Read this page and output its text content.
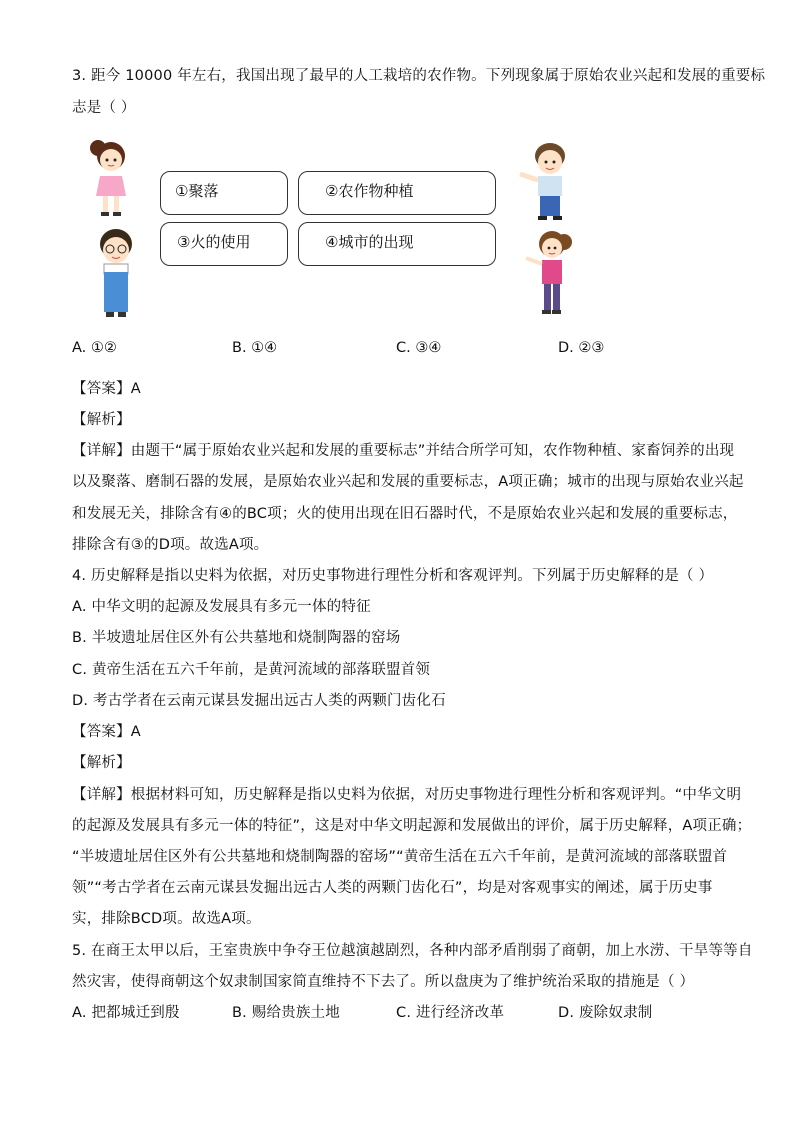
3. 距今 10000 年左右，我国出现了最早的人工栽培的农作物。下列现象属于原始农业兴起和发展的重要标
志是（ ）
①聚落	②农作物种植
③火的使用	④城市的出现
A. ①②	B. ①④	C. ③④	D. ②③
【答案】A
【解析】
【详解】由题干“属于原始农业兴起和发展的重要标志”并结合所学可知，农作物种植、家畜饲养的出现
以及聚落、磨制石器的发展，是原始农业兴起和发展的重要标志，A项正确；城市的出现与原始农业兴起
和发展无关，排除含有④的BC项；火的使用出现在旧石器时代，不是原始农业兴起和发展的重要标志，
排除含有③的D项。故选A项。
4. 历史解释是指以史料为依据，对历史事物进行理性分析和客观评判。下列属于历史解释的是（ ）
A. 中华文明的起源及发展具有多元一体的特征
B. 半坡遗址居住区外有公共墓地和烧制陶器的窑场
C. 黄帝生活在五六千年前，是黄河流域的部落联盟首领
D. 考古学者在云南元谋县发掘出远古人类的两颗门齿化石
【答案】A
【解析】
【详解】根据材料可知，历史解释是指以史料为依据，对历史事物进行理性分析和客观评判。“中华文明
的起源及发展具有多元一体的特征”，这是对中华文明起源和发展做出的评价，属于历史解释，A项正确；
“半坡遗址居住区外有公共墓地和烧制陶器的窑场”“黄帝生活在五六千年前，是黄河流域的部落联盟首
领”“考古学者在云南元谋县发掘出远古人类的两颗门齿化石”，均是对客观事实的阐述，属于历史事
实，排除BCD项。故选A项。
5. 在商王太甲以后，王室贵族中争夺王位越演越剧烈，各种内部矛盾削弱了商朝，加上水涝、干旱等等自
然灾害，使得商朝这个奴隶制国家简直维持不下去了。所以盘庚为了维护统治采取的措施是（ ）
A. 把都城迁到殷	B. 赐给贵族土地	C. 进行经济改革	D. 废除奴隶制
